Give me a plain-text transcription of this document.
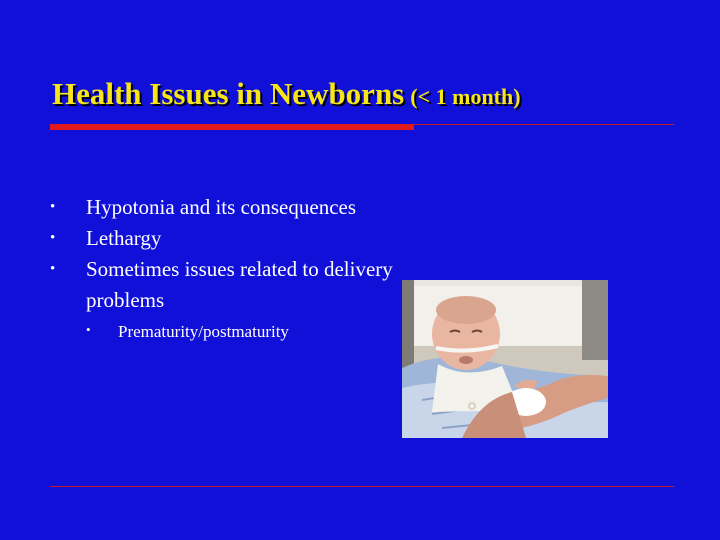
Health Issues in Newborns (< 1 month)
• Hypotonia and its consequences
• Lethargy
• Sometimes issues related to delivery problems
• Prematurity/postmaturity
